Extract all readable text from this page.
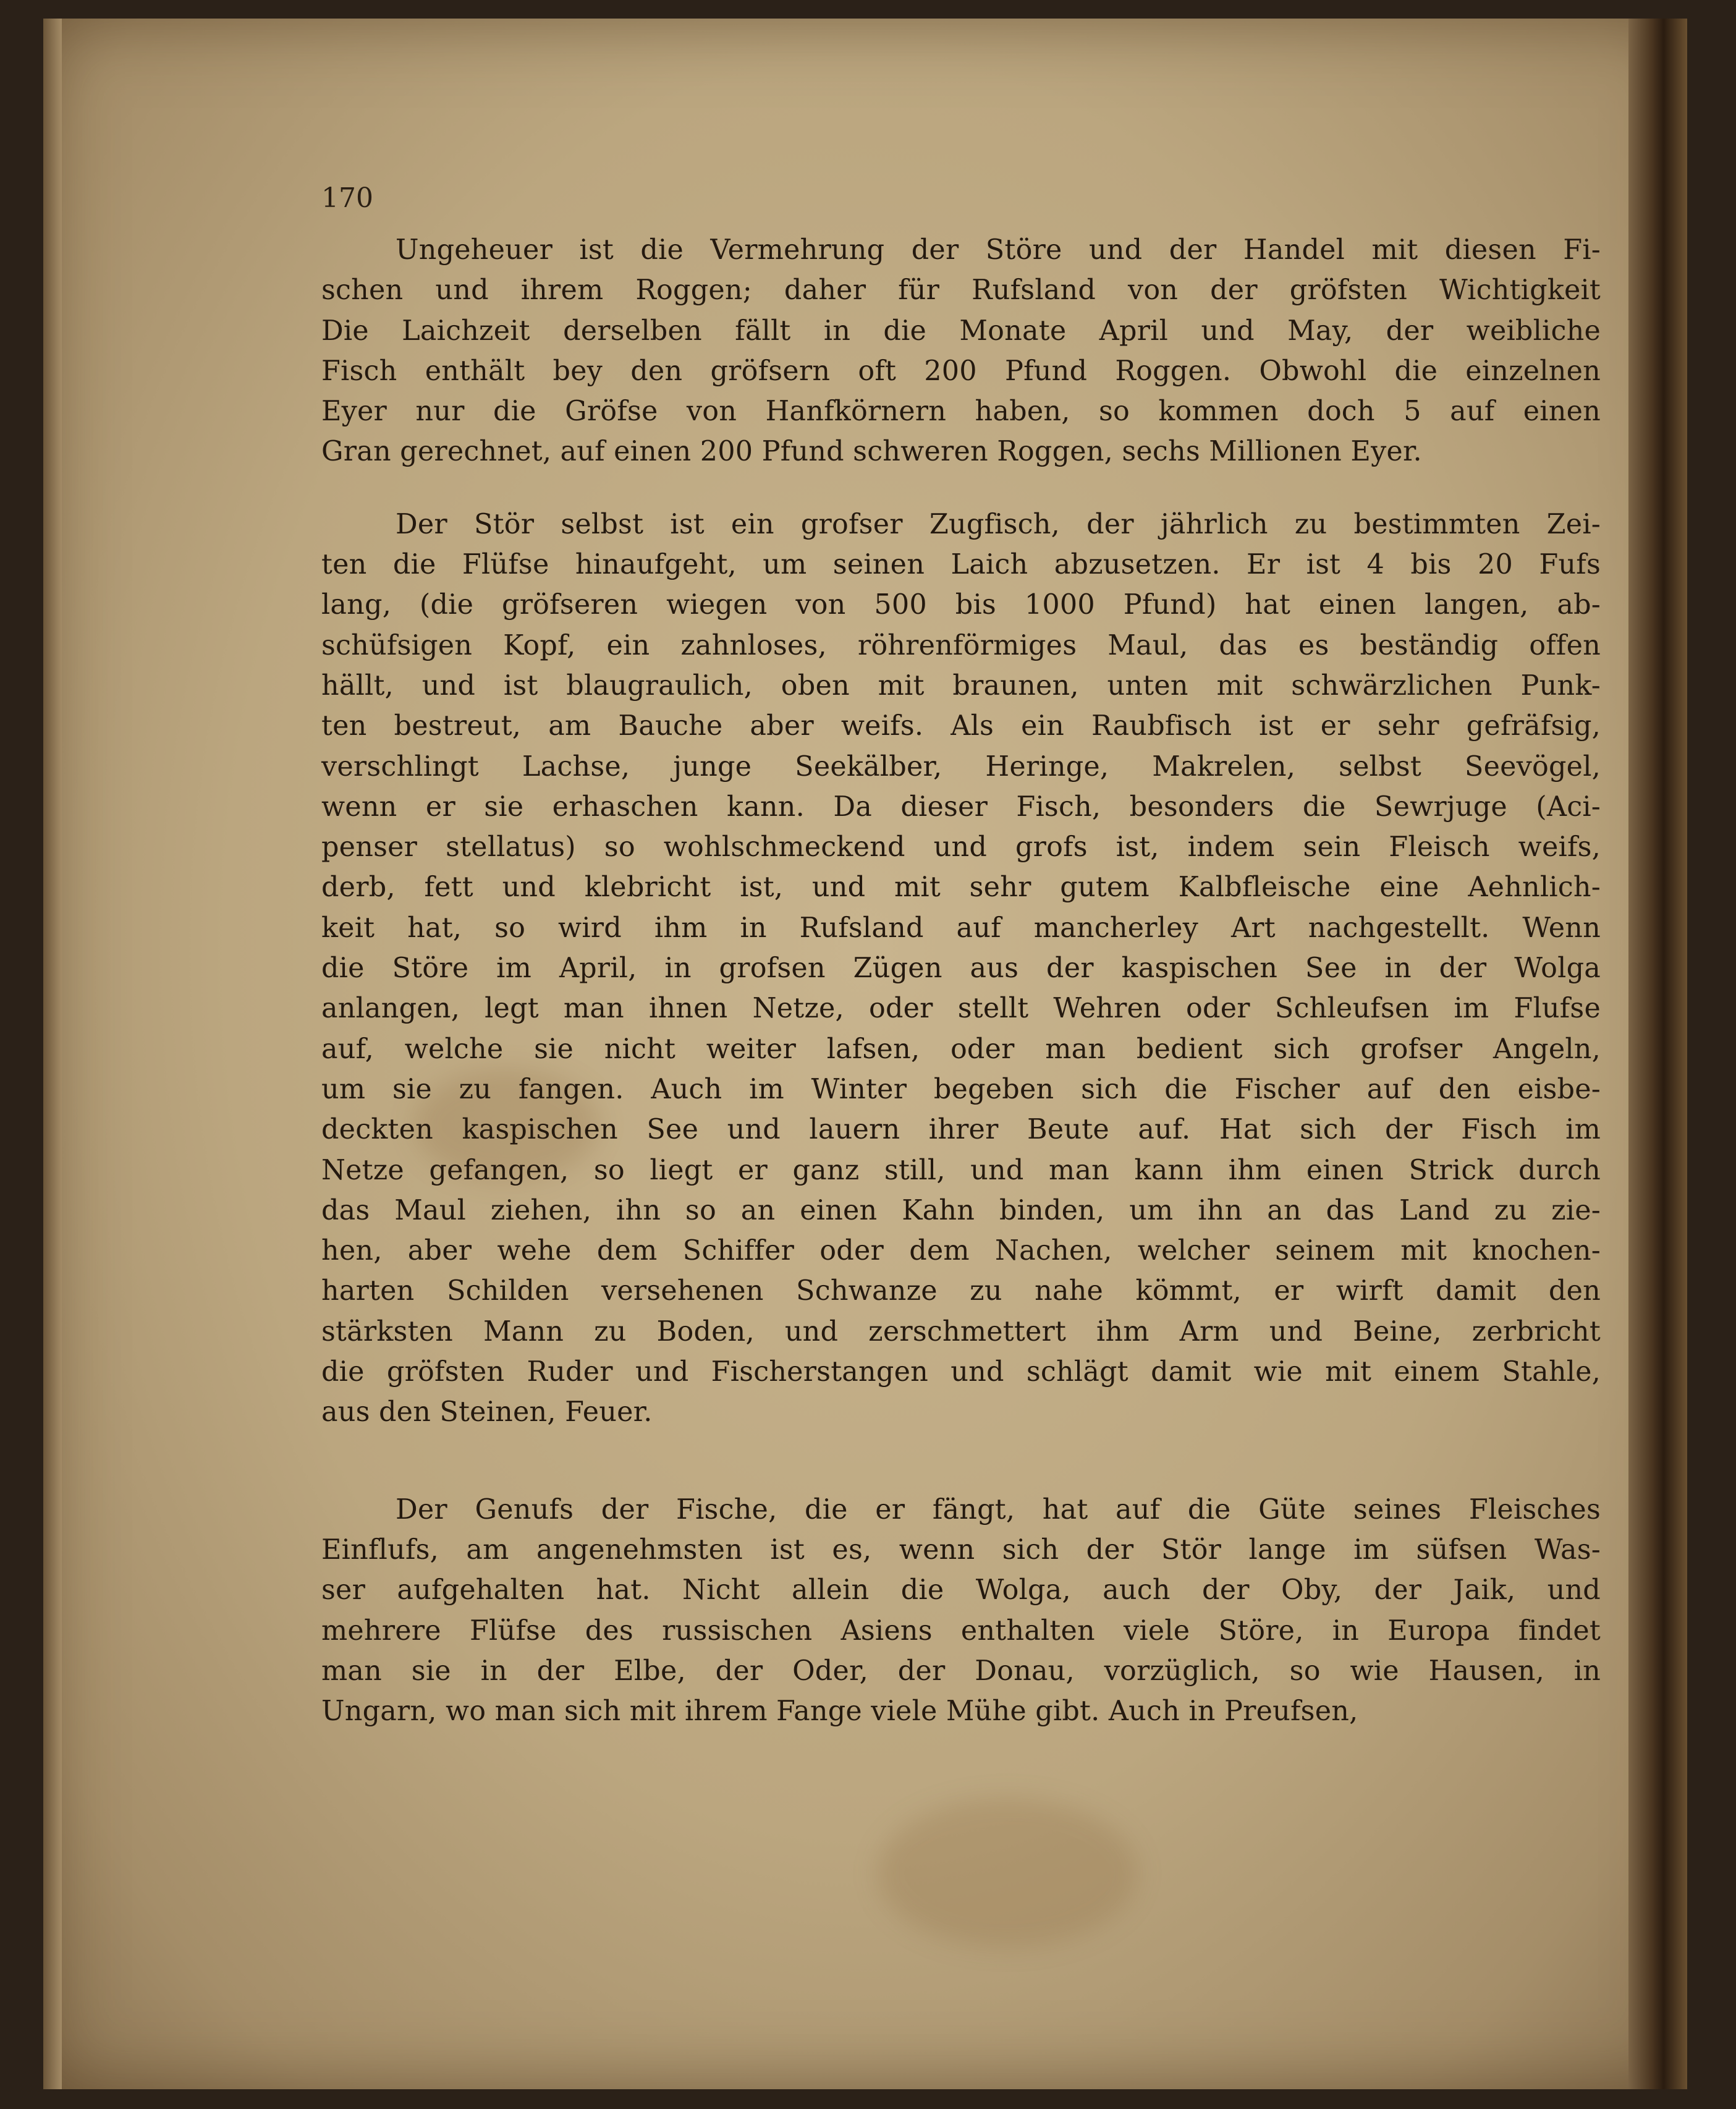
170
Ungeheuer ist die Vermehrung der Störe und der Handel mit diesen Fi-
schen und ihrem Roggen; daher für Rufsland von der gröfsten Wichtigkeit
Die Laichzeit derselben fällt in die Monate April und May, der weibliche
Fisch enthält bey den gröfsern oft 200 Pfund Roggen. Obwohl die einzelnen
Eyer nur die Gröfse von Hanfkörnern haben, so kommen doch 5 auf einen
Gran gerechnet, auf einen 200 Pfund schweren Roggen, sechs Millionen Eyer.
Der Stör selbst ist ein grofser Zugfisch, der jährlich zu bestimmten Zei-
ten die Flüfse hinaufgeht, um seinen Laich abzusetzen. Er ist 4 bis 20 Fufs
lang, (die gröfseren wiegen von 500 bis 1000 Pfund) hat einen langen, ab-
schüfsigen Kopf, ein zahnloses, röhrenförmiges Maul, das es beständig offen
hällt, und ist blaugraulich, oben mit braunen, unten mit schwärzlichen Punk-
ten bestreut, am Bauche aber weifs. Als ein Raubfisch ist er sehr gefräfsig,
verschlingt Lachse, junge Seekälber, Heringe, Makrelen, selbst Seevögel,
wenn er sie erhaschen kann. Da dieser Fisch, besonders die Sewrjuge (Aci-
penser stellatus) so wohlschmeckend und grofs ist, indem sein Fleisch weifs,
derb, fett und klebricht ist, und mit sehr gutem Kalbfleische eine Aehnlich-
keit hat, so wird ihm in Rufsland auf mancherley Art nachgestellt. Wenn
die Störe im April, in grofsen Zügen aus der kaspischen See in der Wolga
anlangen, legt man ihnen Netze, oder stellt Wehren oder Schleufsen im Flufse
auf, welche sie nicht weiter lafsen, oder man bedient sich grofser Angeln,
um sie zu fangen. Auch im Winter begeben sich die Fischer auf den eisbe-
deckten kaspischen See und lauern ihrer Beute auf. Hat sich der Fisch im
Netze gefangen, so liegt er ganz still, und man kann ihm einen Strick durch
das Maul ziehen, ihn so an einen Kahn binden, um ihn an das Land zu zie-
hen, aber wehe dem Schiffer oder dem Nachen, welcher seinem mit knochen-
harten Schilden versehenen Schwanze zu nahe kömmt, er wirft damit den
stärksten Mann zu Boden, und zerschmettert ihm Arm und Beine, zerbricht
die gröfsten Ruder und Fischerstangen und schlägt damit wie mit einem Stahle,
aus den Steinen, Feuer.
Der Genufs der Fische, die er fängt, hat auf die Güte seines Fleisches
Einflufs, am angenehmsten ist es, wenn sich der Stör lange im süfsen Was-
ser aufgehalten hat. Nicht allein die Wolga, auch der Oby, der Jaik, und
mehrere Flüfse des russischen Asiens enthalten viele Störe, in Europa findet
man sie in der Elbe, der Oder, der Donau, vorzüglich, so wie Hausen, in
Ungarn, wo man sich mit ihrem Fange viele Mühe gibt. Auch in Preufsen,
